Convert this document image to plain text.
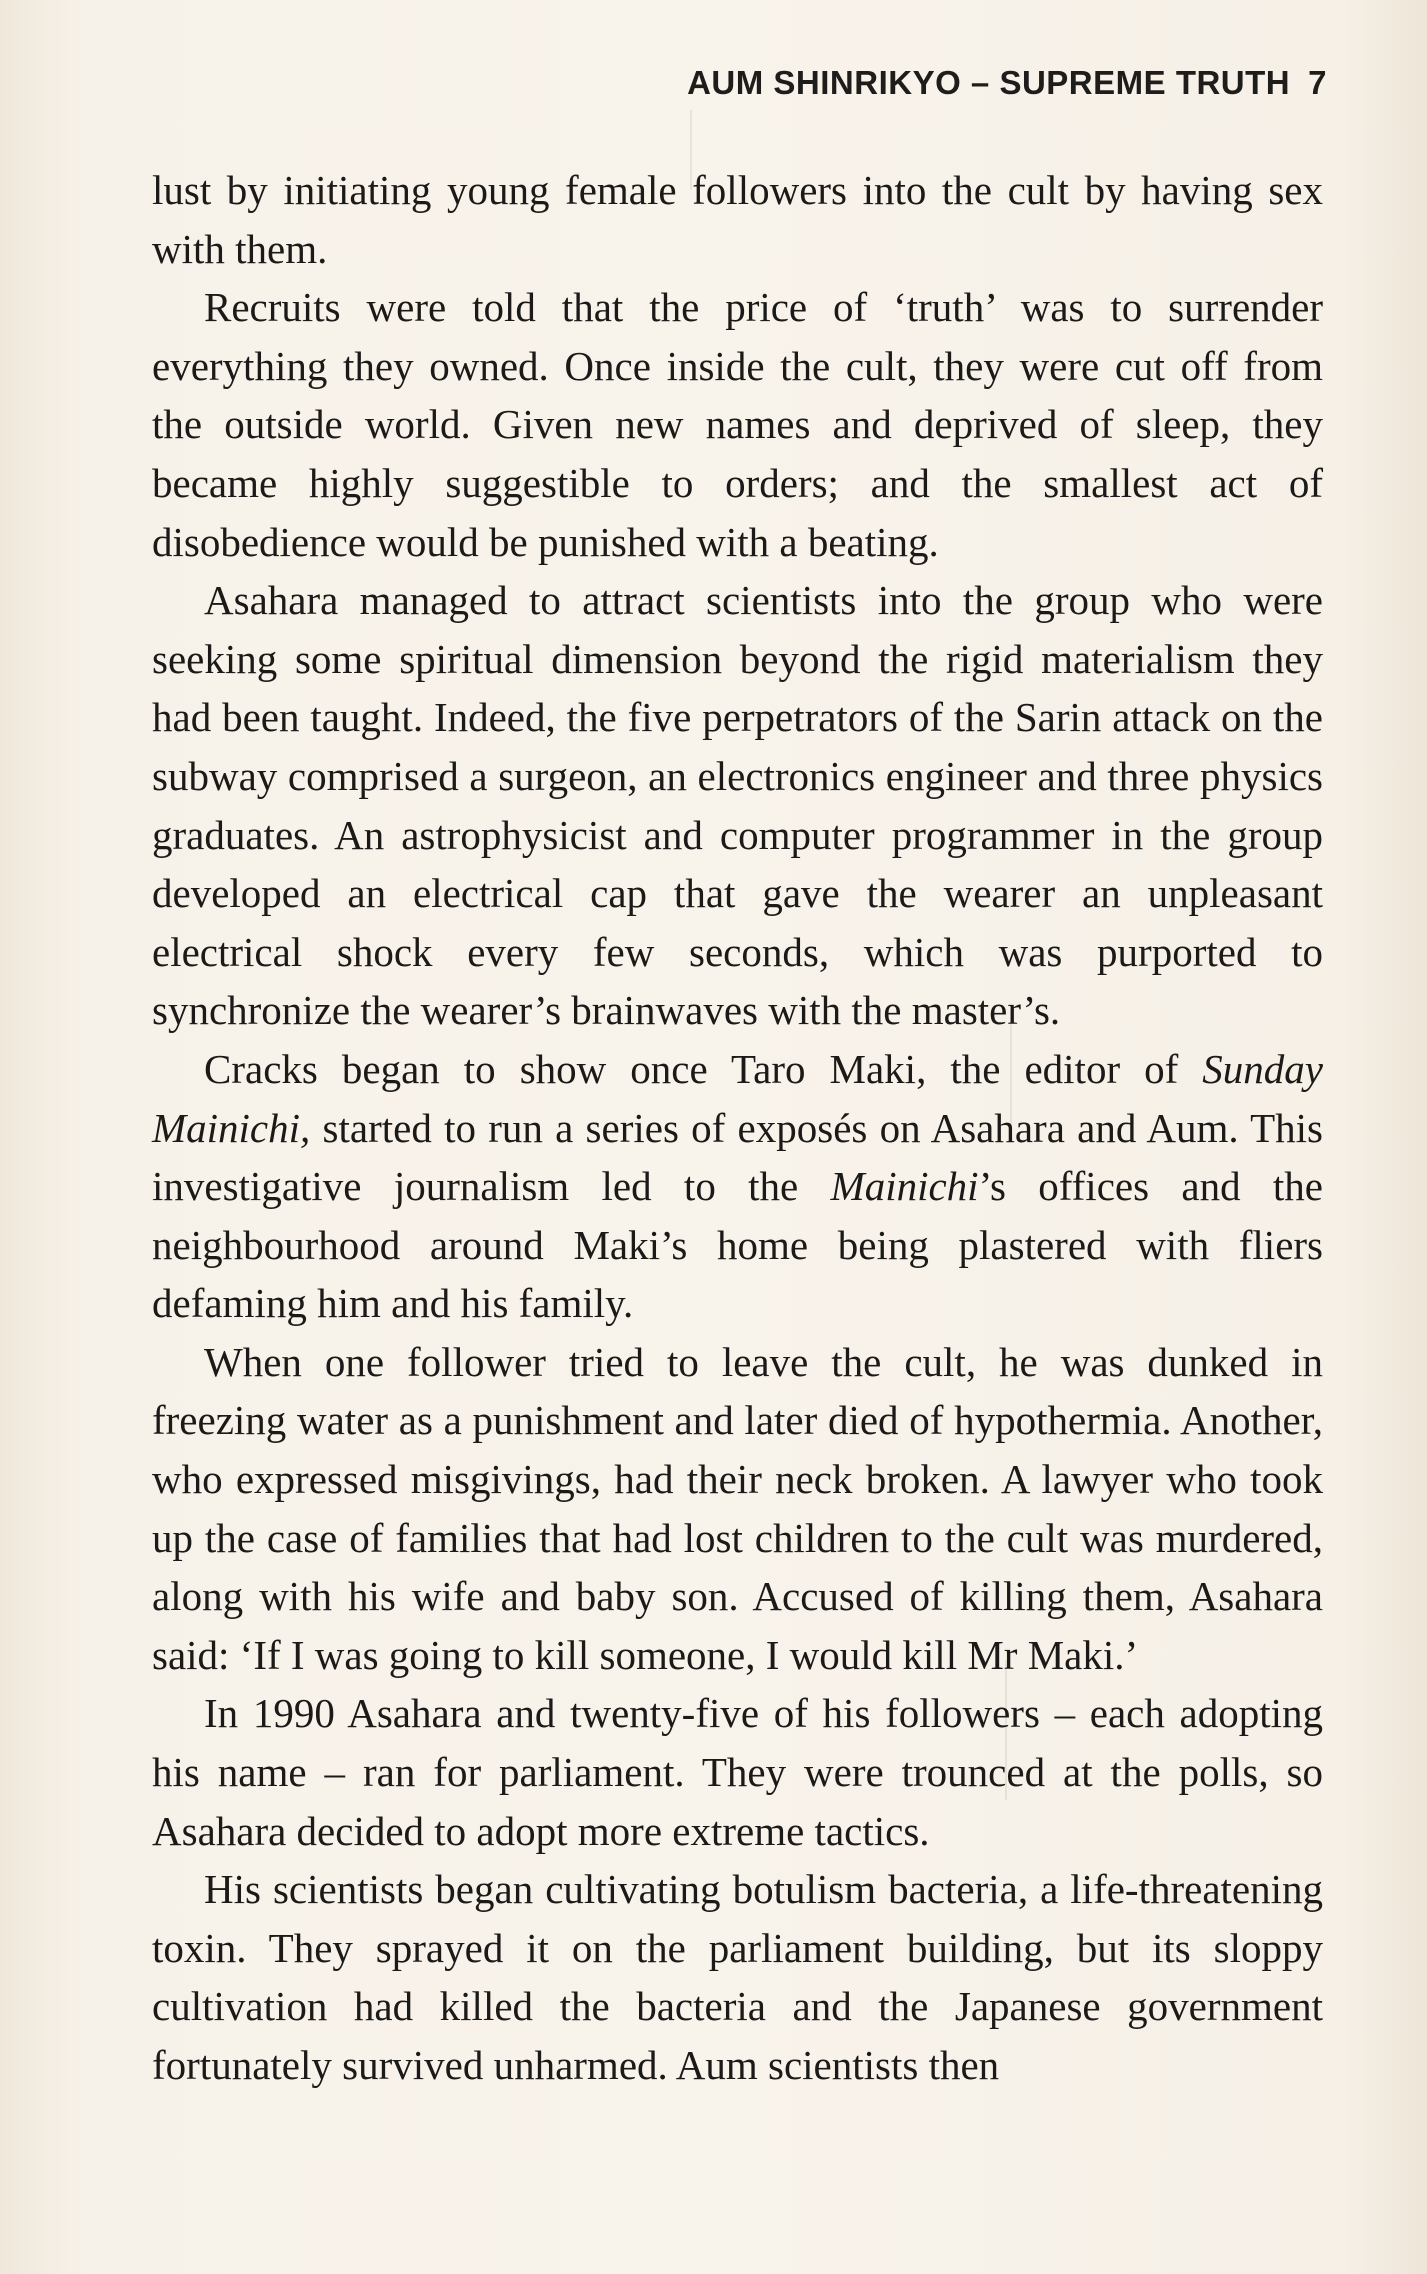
AUM SHINRIKYO – SUPREME TRUTH 7

lust by initiating young female followers into the cult by having sex with them.

Recruits were told that the price of ‘truth’ was to surrender everything they owned. Once inside the cult, they were cut off from the outside world. Given new names and deprived of sleep, they became highly suggestible to orders; and the smallest act of disobedience would be punished with a beating.

Asahara managed to attract scientists into the group who were seeking some spiritual dimension beyond the rigid materialism they had been taught. Indeed, the five perpetrators of the Sarin attack on the subway comprised a surgeon, an electronics engineer and three physics graduates. An astrophysicist and computer programmer in the group developed an electrical cap that gave the wearer an unpleasant electrical shock every few seconds, which was purported to synchronize the wearer’s brainwaves with the master’s.

Cracks began to show once Taro Maki, the editor of Sunday Mainichi, started to run a series of exposés on Asahara and Aum. This investigative journalism led to the Mainichi’s offices and the neighbourhood around Maki’s home being plastered with fliers defaming him and his family.

When one follower tried to leave the cult, he was dunked in freezing water as a punishment and later died of hypothermia. Another, who expressed misgivings, had their neck broken. A lawyer who took up the case of families that had lost children to the cult was murdered, along with his wife and baby son. Accused of killing them, Asahara said: ‘If I was going to kill someone, I would kill Mr Maki.’

In 1990 Asahara and twenty-five of his followers – each adopting his name – ran for parliament. They were trounced at the polls, so Asahara decided to adopt more extreme tactics.

His scientists began cultivating botulism bacteria, a life-threatening toxin. They sprayed it on the parliament building, but its sloppy cultivation had killed the bacteria and the Japanese government fortunately survived unharmed. Aum scientists then
